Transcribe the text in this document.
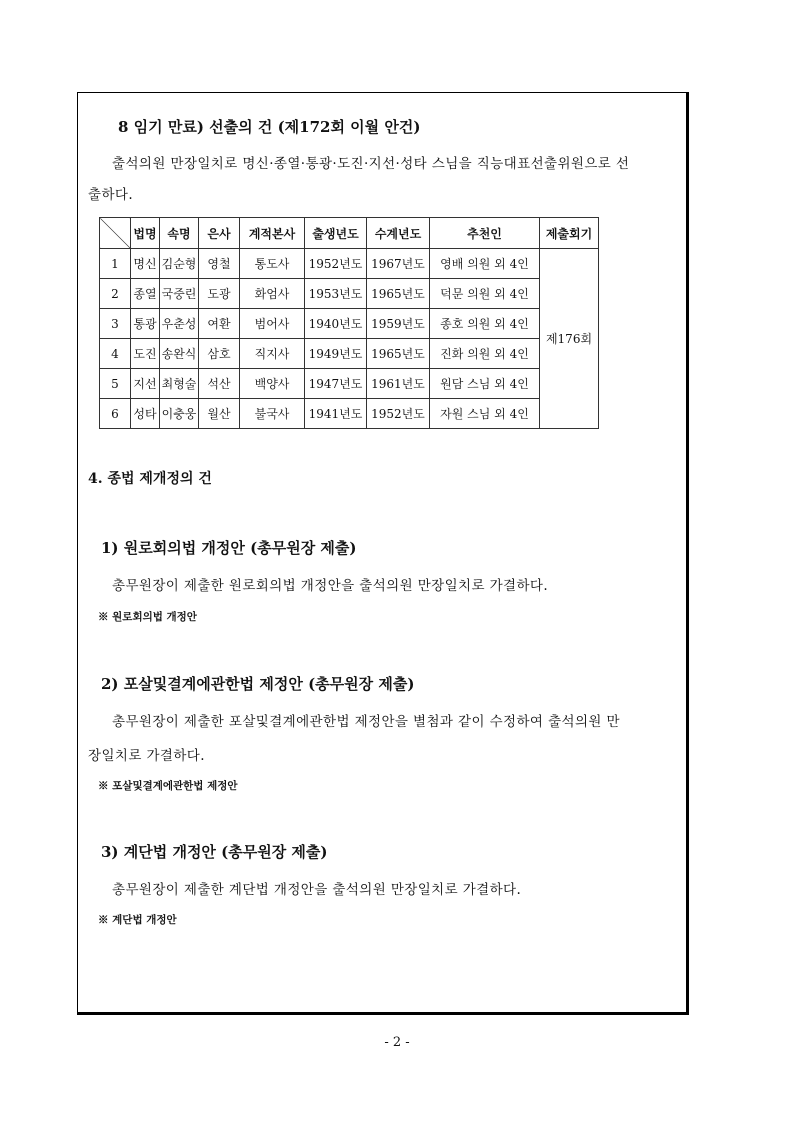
8 임기 만료) 선출의 건 (제172회 이월 안건)
출석의원 만장일치로 명신·종열·통광·도진·지선·성타 스님을 직능대표선출위원으로 선
출하다.
	법명	속명	은사	계적본사	출생년도	수계년도	추천인	제출회기
1	명신	김순형	영철	통도사	1952년도	1967년도	영배 의원 외 4인	제176회
2	종열	국중린	도광	화엄사	1953년도	1965년도	덕문 의원 외 4인	
3	통광	우춘성	여환	범어사	1940년도	1959년도	종호 의원 외 4인	
4	도진	송완식	삼호	직지사	1949년도	1965년도	진화 의원 외 4인	
5	지선	최형술	석산	백양사	1947년도	1961년도	원담 스님 외 4인	
6	성타	이충웅	월산	불국사	1941년도	1952년도	자원 스님 외 4인	
4. 종법 제개정의 건
1) 원로회의법 개정안 (총무원장 제출)
총무원장이 제출한 원로회의법 개정안을 출석의원 만장일치로 가결하다.
※ 원로회의법 개정안
2) 포살및결계에관한법 제정안 (총무원장 제출)
총무원장이 제출한 포살및결계에관한법 제정안을 별첨과 같이 수정하여 출석의원 만
장일치로 가결하다.
※ 포살및결계에관한법 제정안
3) 계단법 개정안 (총무원장 제출)
총무원장이 제출한 계단법 개정안을 출석의원 만장일치로 가결하다.
※ 계단법 개정안
- 2 -
